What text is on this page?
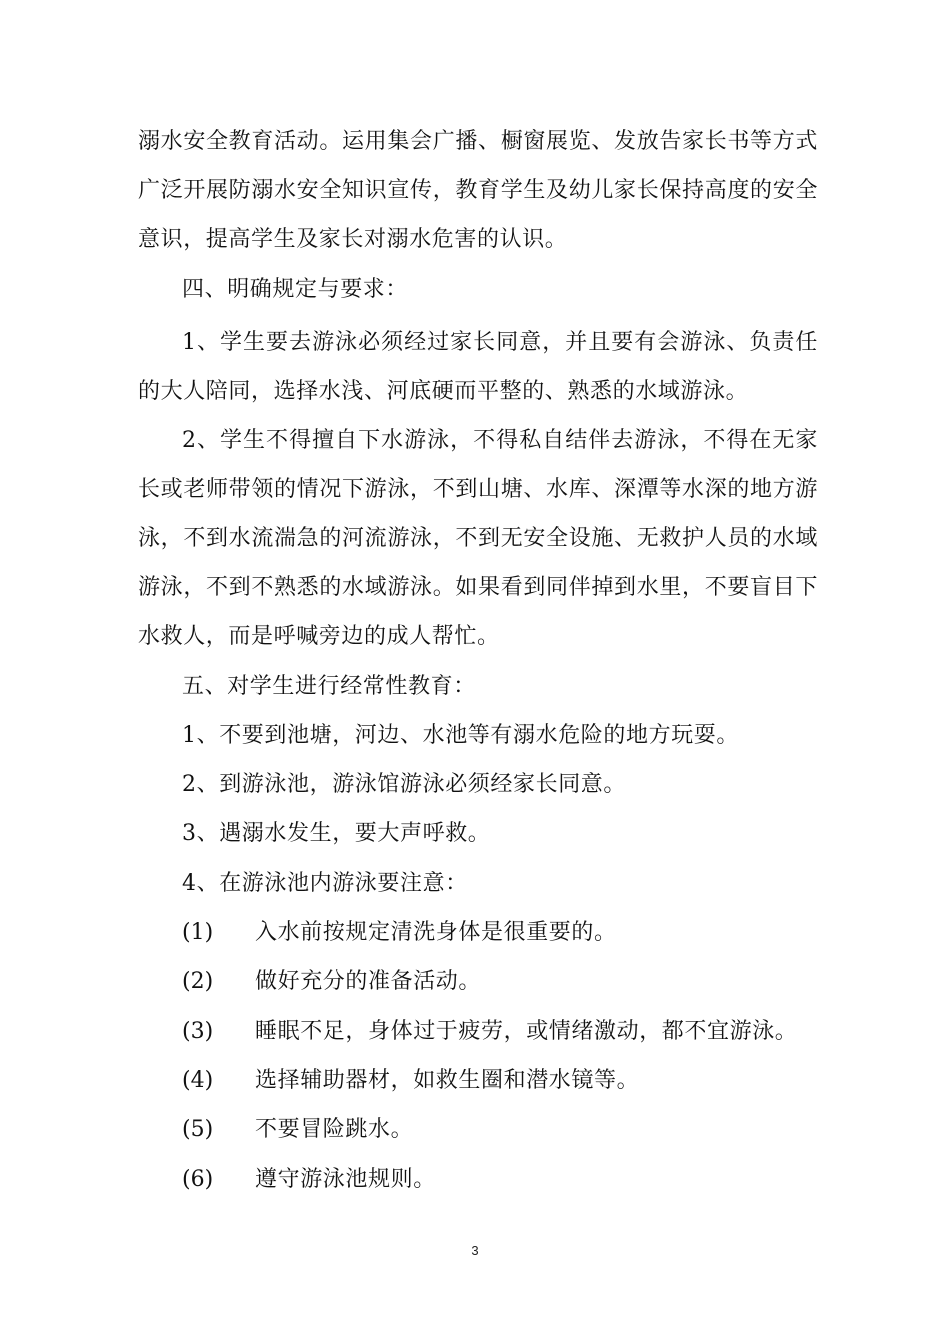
溺水安全教育活动。运用集会广播、橱窗展览、发放告家长书等方式广泛开展防溺水安全知识宣传，教育学生及幼儿家长保持高度的安全意识，提高学生及家长对溺水危害的认识。

四、明确规定与要求：

1、学生要去游泳必须经过家长同意，并且要有会游泳、负责任的大人陪同，选择水浅、河底硬而平整的、熟悉的水域游泳。

2、学生不得擅自下水游泳，不得私自结伴去游泳，不得在无家长或老师带领的情况下游泳，不到山塘、水库、深潭等水深的地方游泳，不到水流湍急的河流游泳，不到无安全设施、无救护人员的水域游泳，不到不熟悉的水域游泳。如果看到同伴掉到水里，不要盲目下水救人，而是呼喊旁边的成人帮忙。

五、对学生进行经常性教育：
1、不要到池塘，河边、水池等有溺水危险的地方玩耍。
2、到游泳池，游泳馆游泳必须经家长同意。
3、遇溺水发生，要大声呼救。
4、在游泳池内游泳要注意：
(1) 入水前按规定清洗身体是很重要的。
(2) 做好充分的准备活动。
(3) 睡眠不足，身体过于疲劳，或情绪激动，都不宜游泳。
(4) 选择辅助器材，如救生圈和潜水镜等。
(5) 不要冒险跳水。
(6) 遵守游泳池规则。
3
